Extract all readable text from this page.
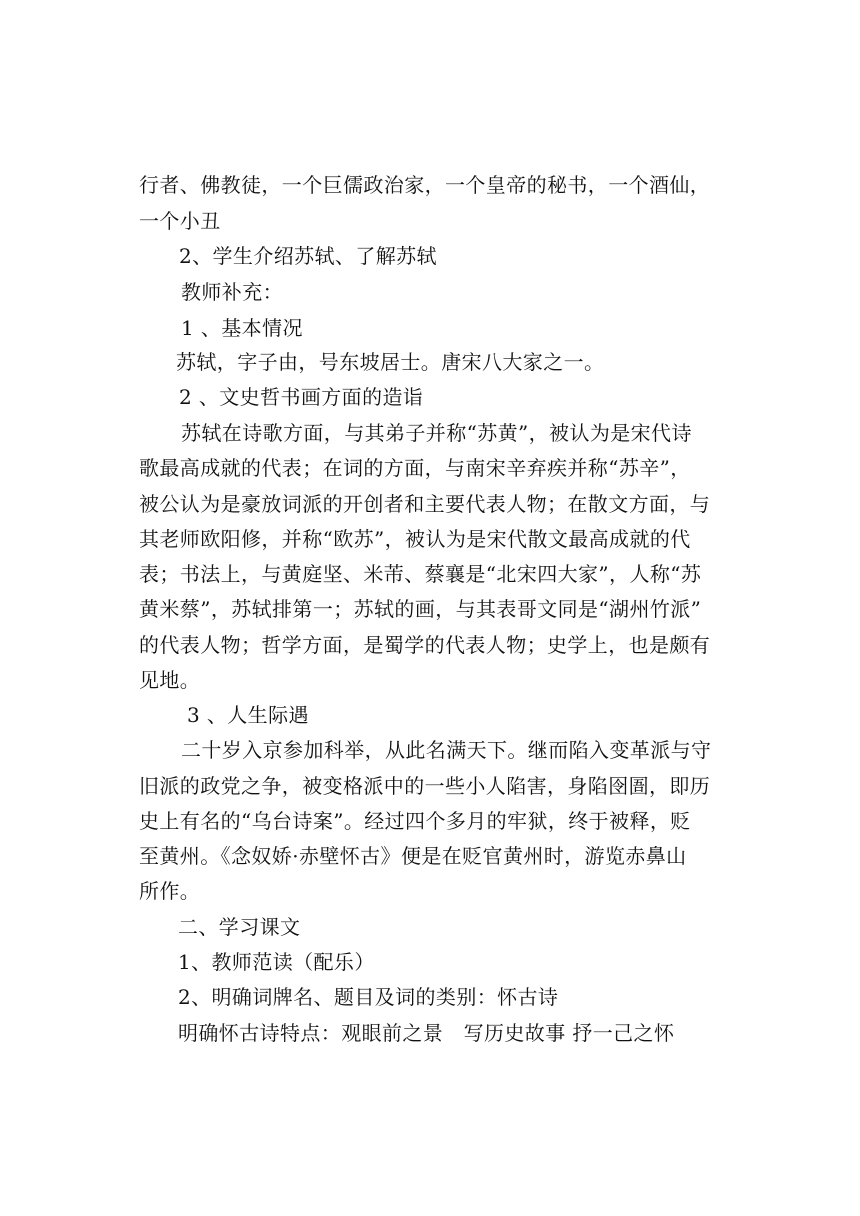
行者、佛教徒，一个巨儒政治家，一个皇帝的秘书，一个酒仙，
一个小丑
2、学生介绍苏轼、了解苏轼
教师补充：
1 、基本情况
苏轼，字子由，号东坡居士。唐宋八大家之一。
2 、文史哲书画方面的造诣
苏轼在诗歌方面，与其弟子并称“苏黄”，被认为是宋代诗
歌最高成就的代表；在词的方面，与南宋辛弃疾并称“苏辛”，
被公认为是豪放词派的开创者和主要代表人物；在散文方面，与
其老师欧阳修，并称“欧苏”，被认为是宋代散文最高成就的代
表；书法上，与黄庭坚、米芾、蔡襄是“北宋四大家”，人称“苏
黄米蔡”，苏轼排第一；苏轼的画，与其表哥文同是“湖州竹派”
的代表人物；哲学方面，是蜀学的代表人物；史学上，也是颇有
见地。
3 、人生际遇
二十岁入京参加科举，从此名满天下。继而陷入变革派与守
旧派的政党之争，被变格派中的一些小人陷害，身陷囹圄，即历
史上有名的“乌台诗案”。经过四个多月的牢狱，终于被释，贬
至黄州。《念奴娇·赤壁怀古》便是在贬官黄州时，游览赤鼻山
所作。
二、学习课文
1、教师范读（配乐）
2、明确词牌名、题目及词的类别：怀古诗
明确怀古诗特点：观眼前之景　写历史故事 抒一己之怀
